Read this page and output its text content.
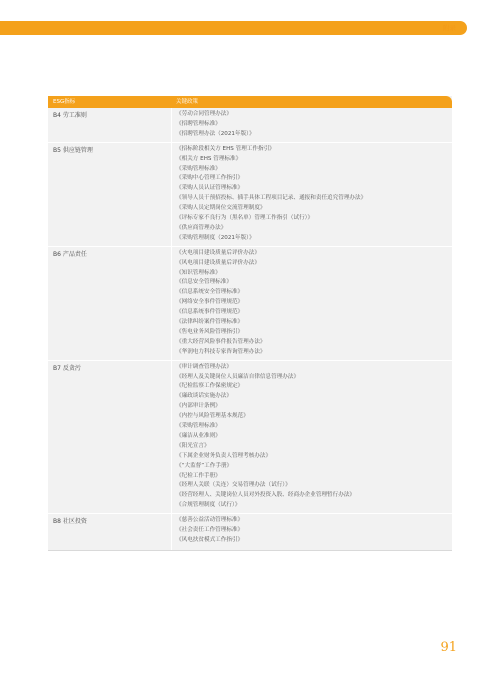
附录
ESG指标	关键政策
B4 劳工准则	《劳动合同管理办法》
《招聘管理标准》
《招聘管理办法（2021年版）》
B5 供应链管理	《招标阶段相关方 EHS 管理工作指引》
《相关方 EHS 管理标准》
《采购管理标准》
《采购中心管理工作指引》
《采购人员认证管理标准》
《领导人员干预招投标、插手具体工程项目记录、通报和责任追究管理办法》
《采购人员定期岗位交流管理制度》
《评标专家不良行为（黑名单）管理工作指引（试行）》
《供应商管理办法》
《采购管理制度（2021年版）》
B6 产品责任	《火电项目建设质量后评价办法》
《风电项目建设质量后评价办法》
《知识管理标准》
《信息安全管理标准》
《信息系统安全管理标准》
《网络安全事件管理规范》
《信息系统事件管理规范》
《法律纠纷案件管理标准》
《售电业务风险管理指引》
《重大经营风险事件报告管理办法》
《华润电力科技专家咨询管理办法》
B7 反贪污	《审计调查管理办法》
《经理人及关键岗位人员廉洁自律信息管理办法》
《纪检监察工作保密规定》
《廉政谈话实施办法》
《内部审计条例》
《内控与风险管理基本规范》
《采购管理标准》
《廉洁从业准则》
《阳光宣言》
《下属企业财务负责人管理考核办法》
《“大监督”工作手册》
《纪检工作手册》
《经理人关联（关连）交易管理办法（试行）》
《经营经理人、关键岗位人员对外投资入股、经商办企业管理暂行办法》
《合规管理制度（试行）》
B8 社区投资	《慈善公益活动管理标准》
《社会责任工作管理标准》
《风电扶贫模式工作指引》
91
